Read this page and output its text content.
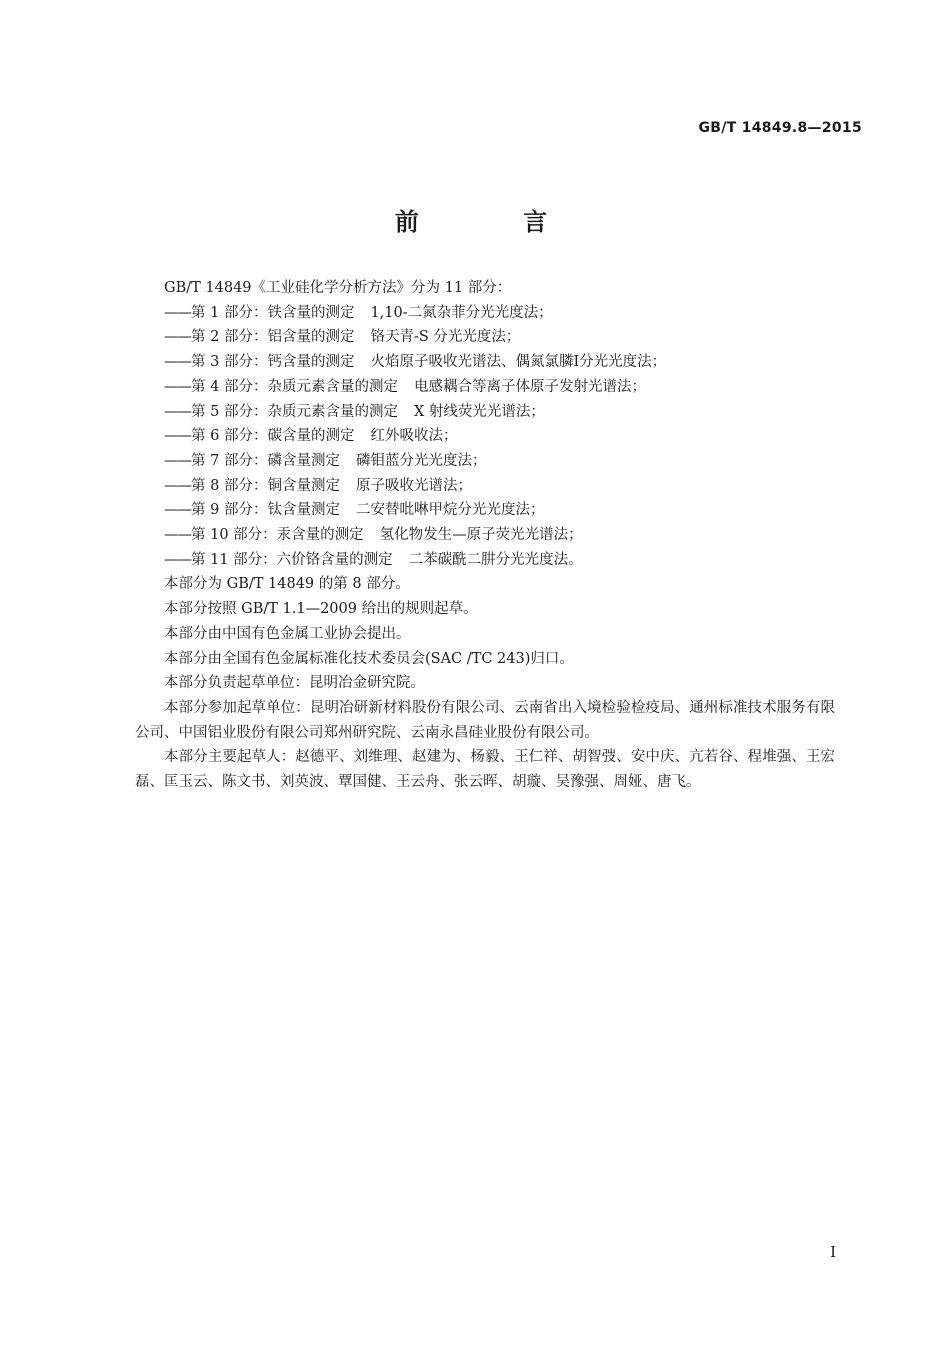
GB/T 14849.8—2015
前 言

GB/T 14849《工业硅化学分析方法》分为 11 部分：

——第 1 部分：铁含量的测定 1,10-二氮杂菲分光光度法；

——第 2 部分：铝含量的测定 铬天青-S 分光光度法；

——第 3 部分：钙含量的测定 火焰原子吸收光谱法、偶氮氯膦Ⅰ分光光度法；

——第 4 部分：杂质元素含量的测定 电感耦合等离子体原子发射光谱法；

——第 5 部分：杂质元素含量的测定 X 射线荧光光谱法；

——第 6 部分：碳含量的测定 红外吸收法；

——第 7 部分：磷含量测定 磷钼蓝分光光度法；

——第 8 部分：铜含量测定 原子吸收光谱法；

——第 9 部分：钛含量测定 二安替吡啉甲烷分光光度法；

——第 10 部分：汞含量的测定 氢化物发生—原子荧光光谱法；

——第 11 部分：六价铬含量的测定 二苯碳酰二肼分光光度法。

本部分为 GB/T 14849 的第 8 部分。

本部分按照 GB/T 1.1—2009 给出的规则起草。

本部分由中国有色金属工业协会提出。

本部分由全国有色金属标准化技术委员会(SAC /TC 243)归口。

本部分负责起草单位：昆明冶金研究院。

本部分参加起草单位：昆明冶研新材料股份有限公司、云南省出入境检验检疫局、通州标准技术服务有限公司、中国铝业股份有限公司郑州研究院、云南永昌硅业股份有限公司。

本部分主要起草人：赵德平、刘维理、赵建为、杨毅、王仁祥、胡智弢、安中庆、亢若谷、程堆强、王宏磊、匡玉云、陈文书、刘英波、覃国健、王云舟、张云晖、胡璇、吴豫强、周娅、唐飞。

Ⅰ
